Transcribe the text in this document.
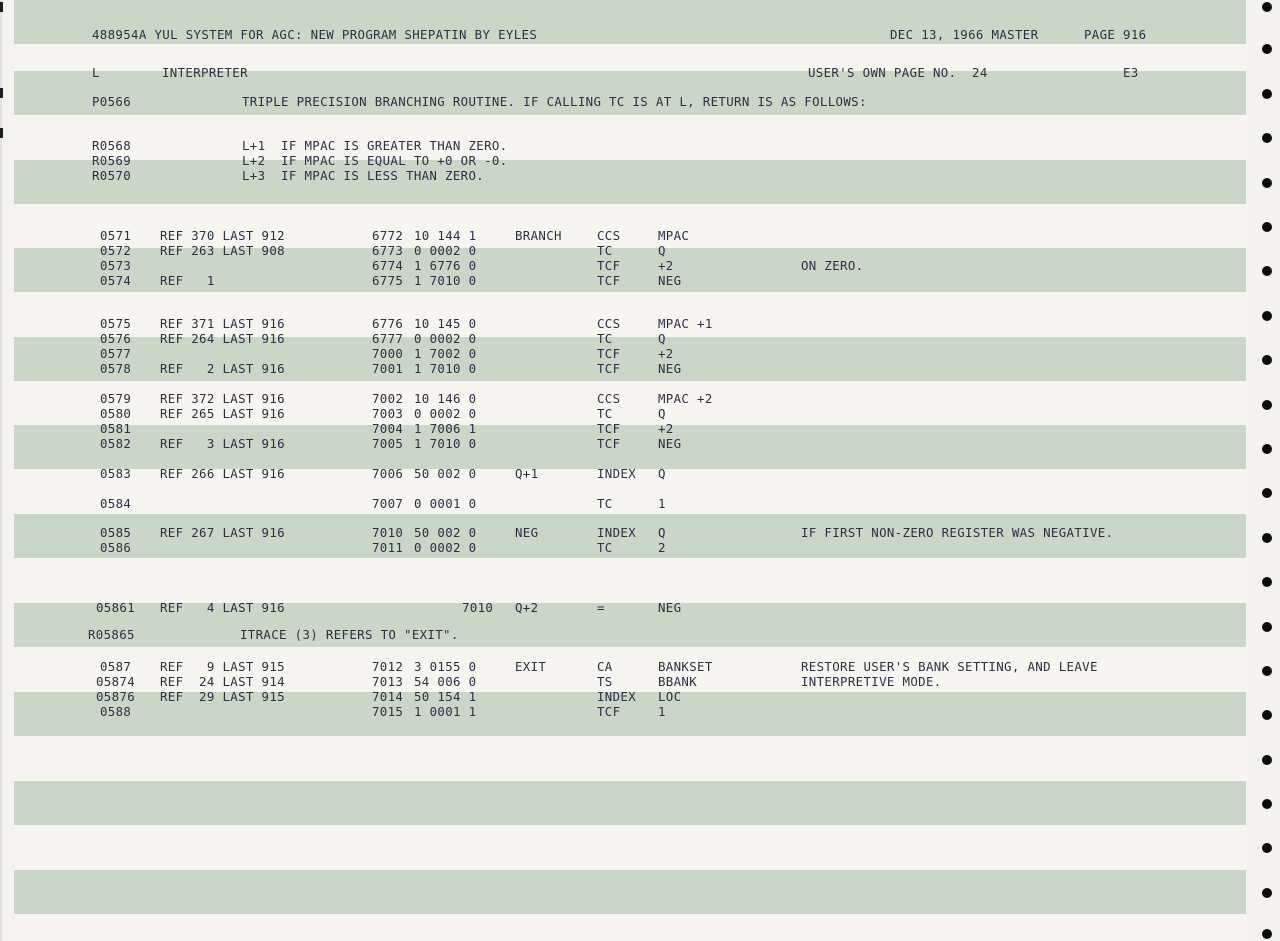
488954A YUL SYSTEM FOR AGC: NEW PROGRAM SHEPATIN BY EYLES	DEC 13, 1966 MASTER	PAGE 916
L	INTERPRETER	USER'S OWN PAGE NO.  24	E3
P0566	TRIPLE PRECISION BRANCHING ROUTINE. IF CALLING TC IS AT L, RETURN IS AS FOLLOWS:
R0568	L+1  IF MPAC IS GREATER THAN ZERO.
R0569	L+2  IF MPAC IS EQUAL TO +0 OR -0.
R0570	L+3  IF MPAC IS LESS THAN ZERO.
R05865	ITRACE (3) REFERS TO "EXIT".
0571 REF 370 LAST 912	6772 10 144 1	BRANCH	CCS	MPAC
0572 REF 263 LAST 908	6773 0 0002 0	TC	Q
0573	6774 1 6776 0	TCF	+2	ON ZERO.
0574 REF   1	6775 1 7010 0	TCF	NEG
0575 REF 371 LAST 916	6776 10 145 0	CCS	MPAC +1
0576 REF 264 LAST 916	6777 0 0002 0	TC	Q
0577	7000 1 7002 0	TCF	+2
0578 REF   2 LAST 916	7001 1 7010 0	TCF	NEG
0579 REF 372 LAST 916	7002 10 146 0	CCS	MPAC +2
0580 REF 265 LAST 916	7003 0 0002 0	TC	Q
0581	7004 1 7006 1	TCF	+2
0582 REF   3 LAST 916	7005 1 7010 0	TCF	NEG
0583 REF 266 LAST 916	7006 50 002 0	Q+1	INDEX Q
0584	7007 0 0001 0	TC	1
0585 REF 267 LAST 916	7010 50 002 0	NEG	INDEX Q	IF FIRST NON-ZERO REGISTER WAS NEGATIVE.
0586	7011 0 0002 0	TC	2
05861 REF   4 LAST 916	7010 Q+2	=	NEG
0587 REF   9 LAST 915	7012 3 0155 0	EXIT	CA	BANKSET	RESTORE USER'S BANK SETTING, AND LEAVE
05874 REF  24 LAST 914	7013 54 006 0	TS	BBANK	INTERPRETIVE MODE.
05876 REF  29 LAST 915	7014 50 154 1	INDEX LOC
0588	7015 1 0001 1	TCF	1
